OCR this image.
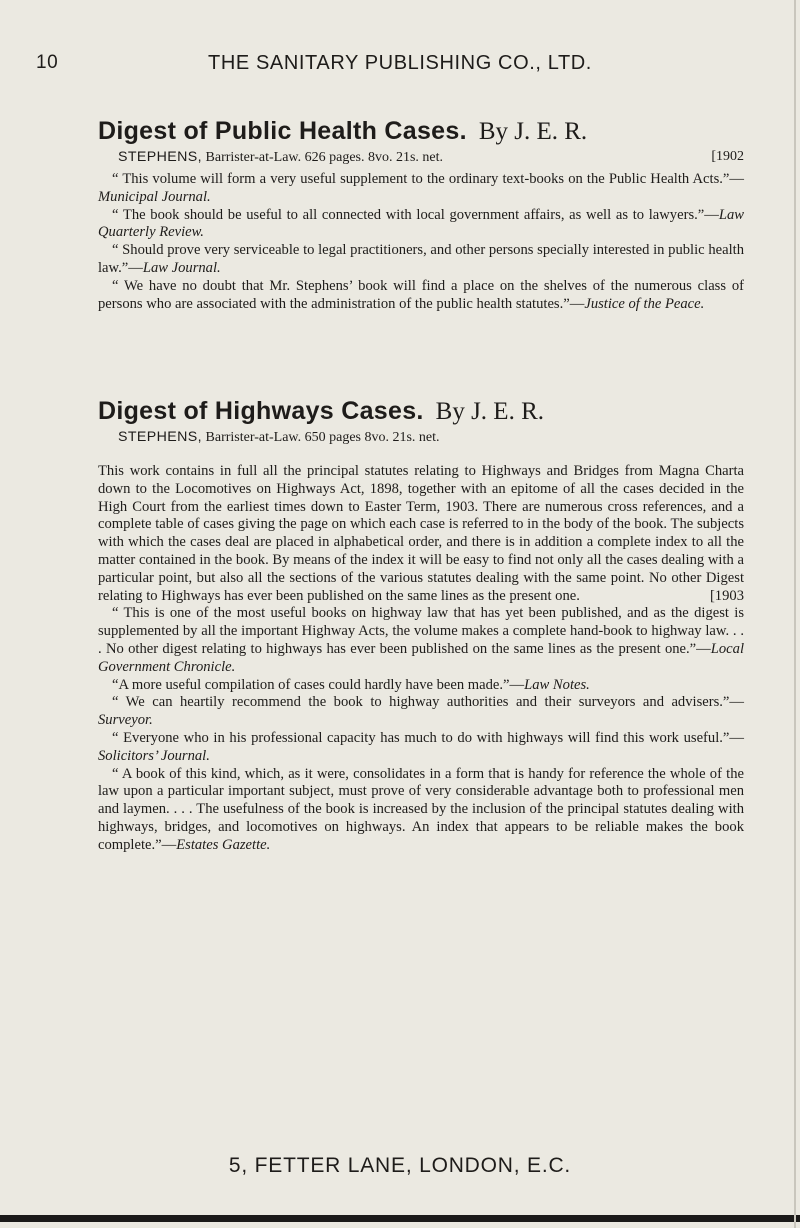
10	THE SANITARY PUBLISHING CO., LTD.
Digest of Public Health Cases. By J. E. R.
STEPHENS, Barrister-at-Law. 626 pages. 8vo. 21s. net.	[1902

“ This volume will form a very useful supplement to the ordinary text-books on the Public Health Acts.”—Municipal Journal.

“ The book should be useful to all connected with local government affairs, as well as to lawyers.”—Law Quarterly Review.

“ Should prove very serviceable to legal practitioners, and other persons specially interested in public health law.”—Law Journal.

“ We have no doubt that Mr. Stephens’ book will find a place on the shelves of the numerous class of persons who are associated with the administration of the public health statutes.”—Justice of the Peace.

Digest of Highways Cases. By J. E. R.
STEPHENS, Barrister-at-Law. 650 pages 8vo. 21s. net.

This work contains in full all the principal statutes relating to Highways and Bridges from Magna Charta down to the Locomotives on Highways Act, 1898, together with an epitome of all the cases decided in the High Court from the earliest times down to Easter Term, 1903. There are numerous cross references, and a complete table of cases giving the page on which each case is referred to in the body of the book. The subjects with which the cases deal are placed in alphabetical order, and there is in addition a complete index to all the matter contained in the book. By means of the index it will be easy to find not only all the cases dealing with a particular point, but also all the sections of the various statutes dealing with the same point. No other Digest relating to Highways has ever been published on the same lines as the present one.	[1903

“ This is one of the most useful books on highway law that has yet been published, and as the digest is supplemented by all the important Highway Acts, the volume makes a complete hand-book to highway law. . . . No other digest relating to highways has ever been published on the same lines as the present one.”—Local Government Chronicle.

“A more useful compilation of cases could hardly have been made.”—Law Notes.

“ We can heartily recommend the book to highway authorities and their surveyors and advisers.”—Surveyor.

“ Everyone who in his professional capacity has much to do with highways will find this work useful.”—Solicitors’ Journal.

“ A book of this kind, which, as it were, consolidates in a form that is handy for reference the whole of the law upon a particular important subject, must prove of very considerable advantage both to professional men and laymen. . . . The usefulness of the book is increased by the inclusion of the principal statutes dealing with highways, bridges, and locomotives on highways. An index that appears to be reliable makes the book complete.”—Estates Gazette.

5, FETTER LANE, LONDON, E.C.
